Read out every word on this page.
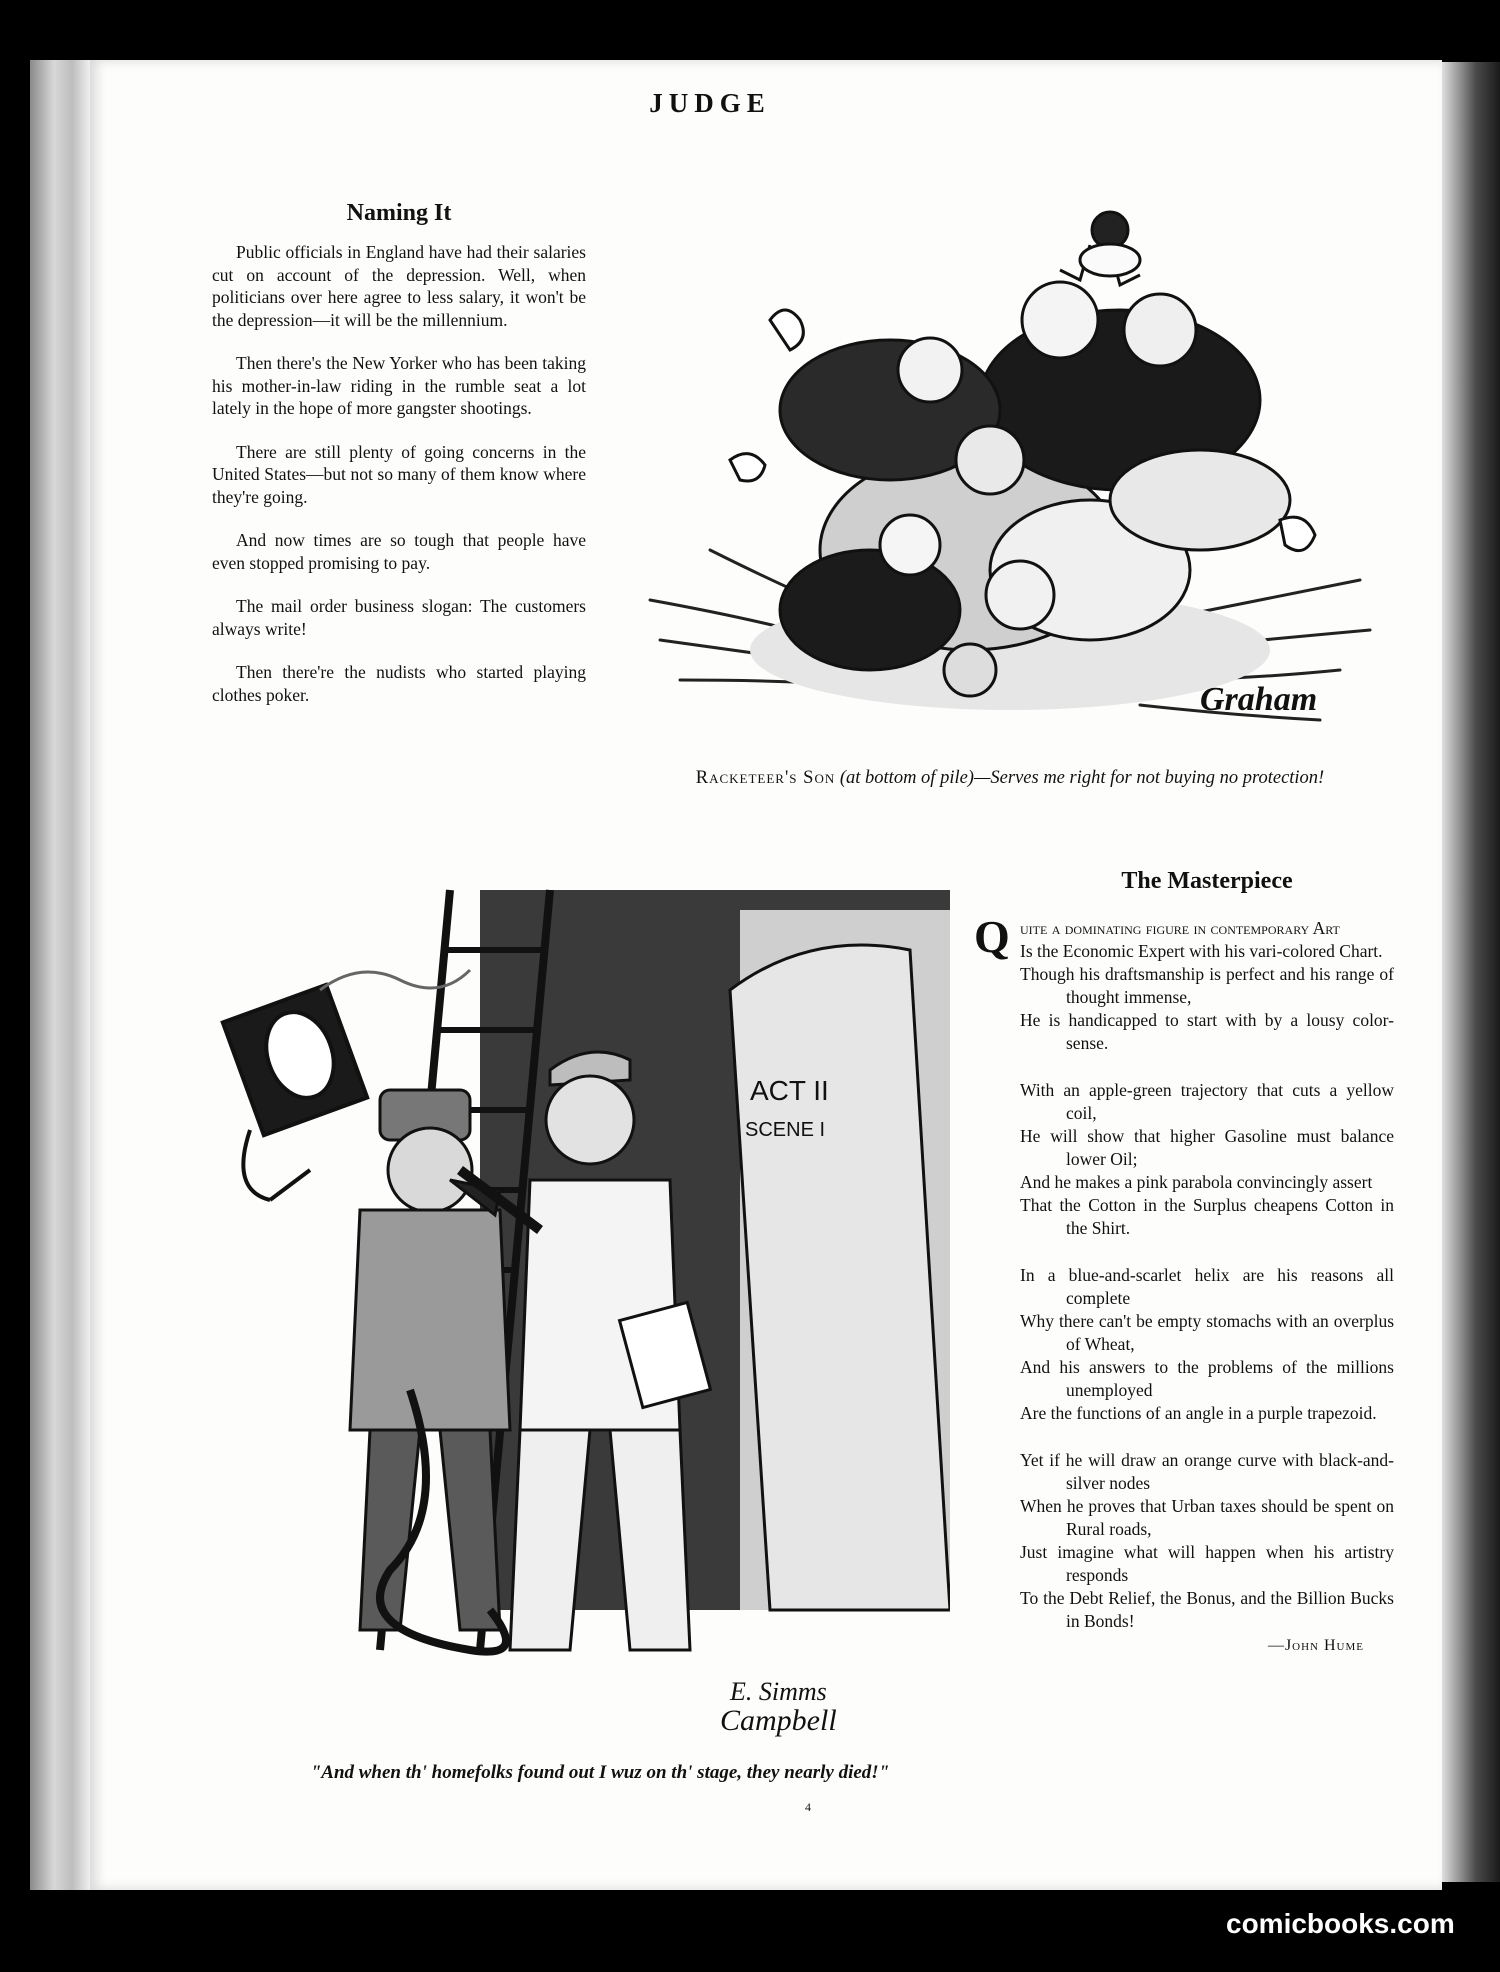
JUDGE
Naming It

Public officials in England have had their salaries cut on account of the depression. Well, when politicians over here agree to less salary, it won't be the depression—it will be the millennium.

Then there's the New Yorker who has been taking his mother-in-law riding in the rumble seat a lot lately in the hope of more gangster shootings.

There are still plenty of going concerns in the United States—but not so many of them know where they're going.

And now times are so tough that people have even stopped promising to pay.

The mail order business slogan: The customers always write!

Then there're the nudists who started playing clothes poker.	Graham
Racketeer's Son (at bottom of pile)—Serves me right for not buying no protection!
ACT II
SCENE I
E. Simms
Campbell
"And when th' homefolks found out I wuz on th' stage, they nearly died!"
4
The Masterpiece
uite a dominating figure in contemporary Art
Is the Economic Expert with his vari-colored Chart.
Though his draftsmanship is perfect and his range of thought immense,
He is handicapped to start with by a lousy color-sense.
With an apple-green trajectory that cuts a yellow coil,
He will show that higher Gasoline must balance lower Oil;
And he makes a pink parabola convincingly assert
That the Cotton in the Surplus cheapens Cotton in the Shirt.
In a blue-and-scarlet helix are his reasons all complete
Why there can't be empty stomachs with an overplus of Wheat,
And his answers to the problems of the millions unemployed
Are the functions of an angle in a purple trapezoid.
Yet if he will draw an orange curve with black-and-silver nodes
When he proves that Urban taxes should be spent on Rural roads,
Just imagine what will happen when his artistry responds
To the Debt Relief, the Bonus, and the Billion Bucks in Bonds!
—John Hume
comicbooks.com
